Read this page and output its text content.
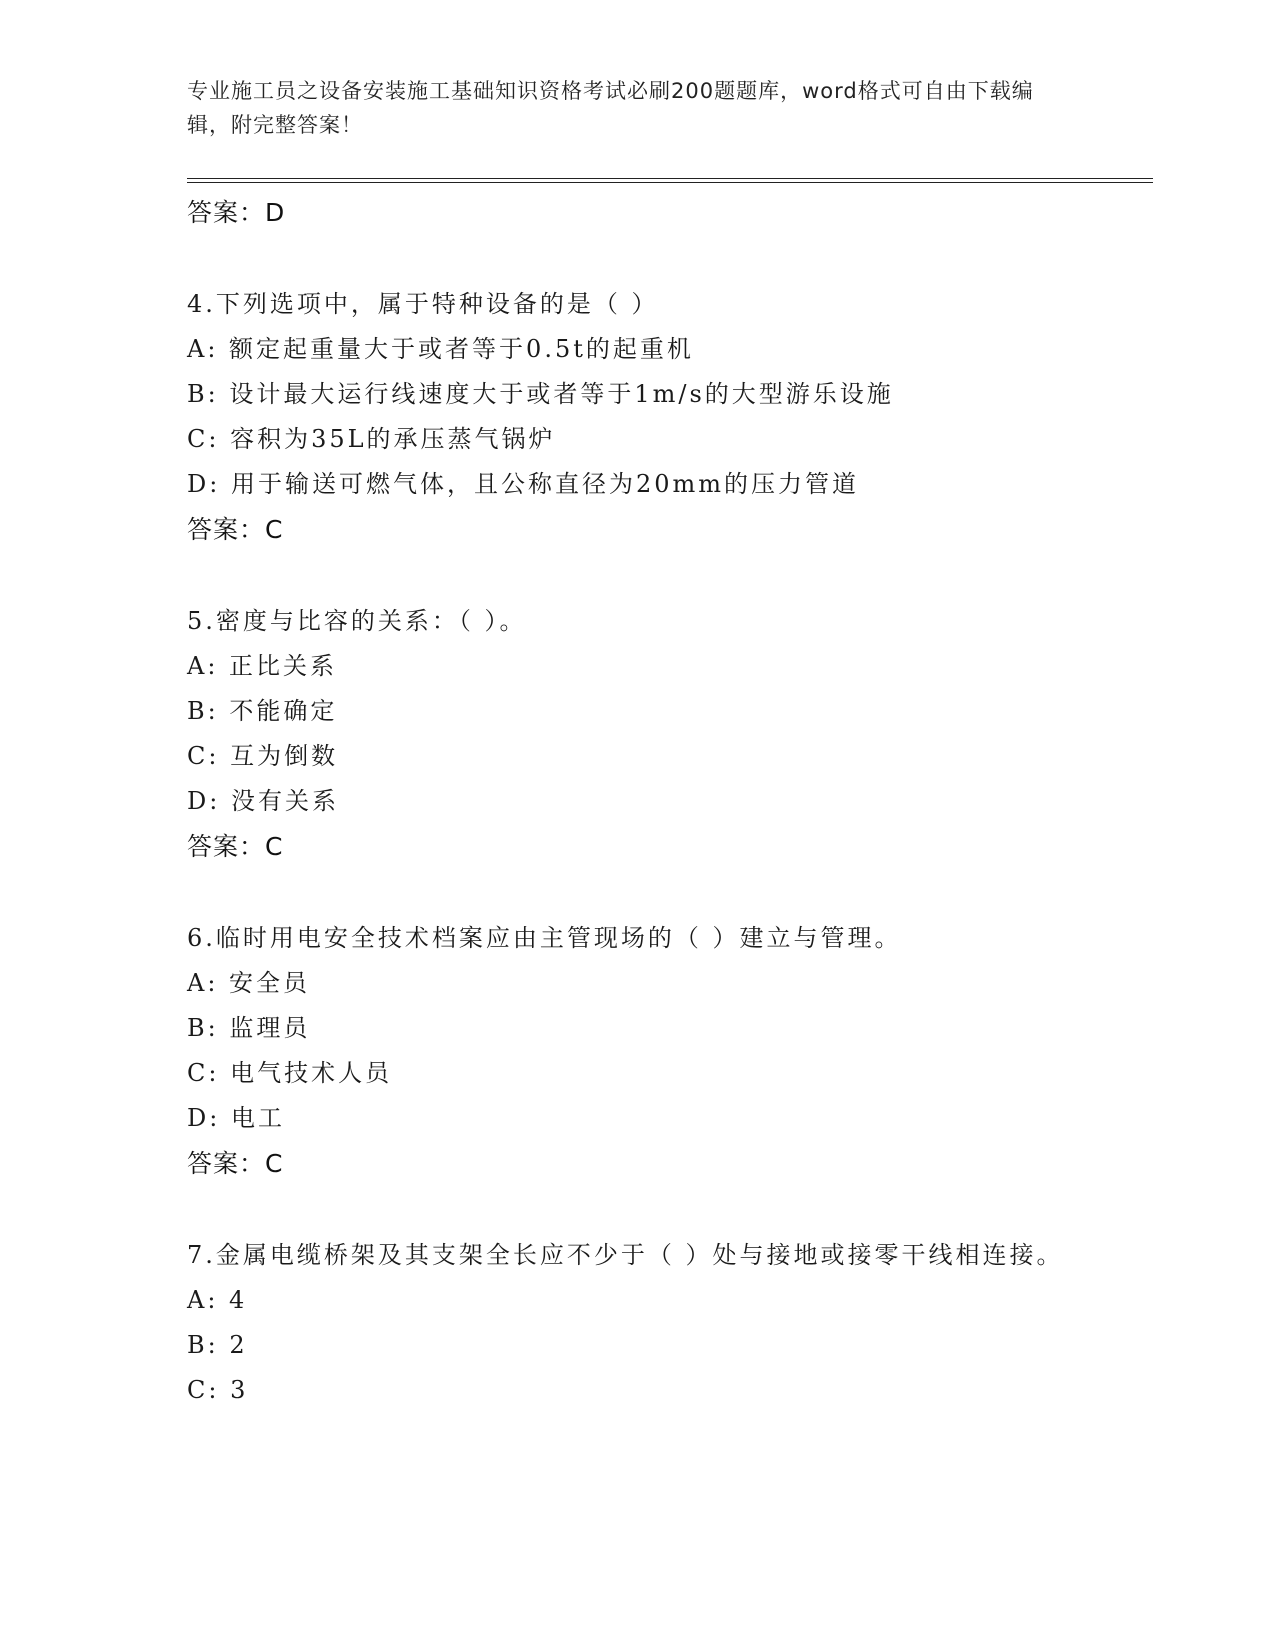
专业施工员之设备安装施工基础知识资格考试必刷200题题库，word格式可自由下载编辑，附完整答案！
答案：D
4.下列选项中，属于特种设备的是（ ）
A: 额定起重量大于或者等于0.5t的起重机
B: 设计最大运行线速度大于或者等于1m/s的大型游乐设施
C: 容积为35L的承压蒸气锅炉
D: 用于输送可燃气体，且公称直径为20mm的压力管道
答案：C
5.密度与比容的关系：（ ）。
A: 正比关系
B: 不能确定
C: 互为倒数
D: 没有关系
答案：C
6.临时用电安全技术档案应由主管现场的（ ）建立与管理。
A: 安全员
B: 监理员
C: 电气技术人员
D: 电工
答案：C
7.金属电缆桥架及其支架全长应不少于（ ）处与接地或接零干线相连接。
A: 4
B: 2
C: 3
